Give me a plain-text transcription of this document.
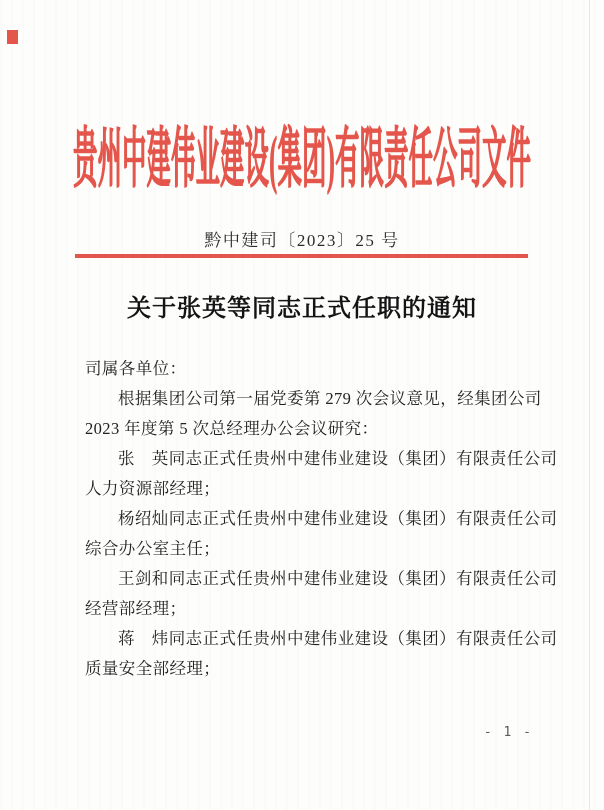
贵州中建伟业建设(集团)有限责任公司文件
黔中建司〔2023〕25 号
关于张英等同志正式任职的通知
司属各单位：
根据集团公司第一届党委第 279 次会议意见，经集团公司
2023 年度第 5 次总经理办公会议研究：
张　英同志正式任贵州中建伟业建设（集团）有限责任公司
人力资源部经理；
杨绍灿同志正式任贵州中建伟业建设（集团）有限责任公司
综合办公室主任；
王剑和同志正式任贵州中建伟业建设（集团）有限责任公司
经营部经理；
蒋　炜同志正式任贵州中建伟业建设（集团）有限责任公司
质量安全部经理；
- 1 -
